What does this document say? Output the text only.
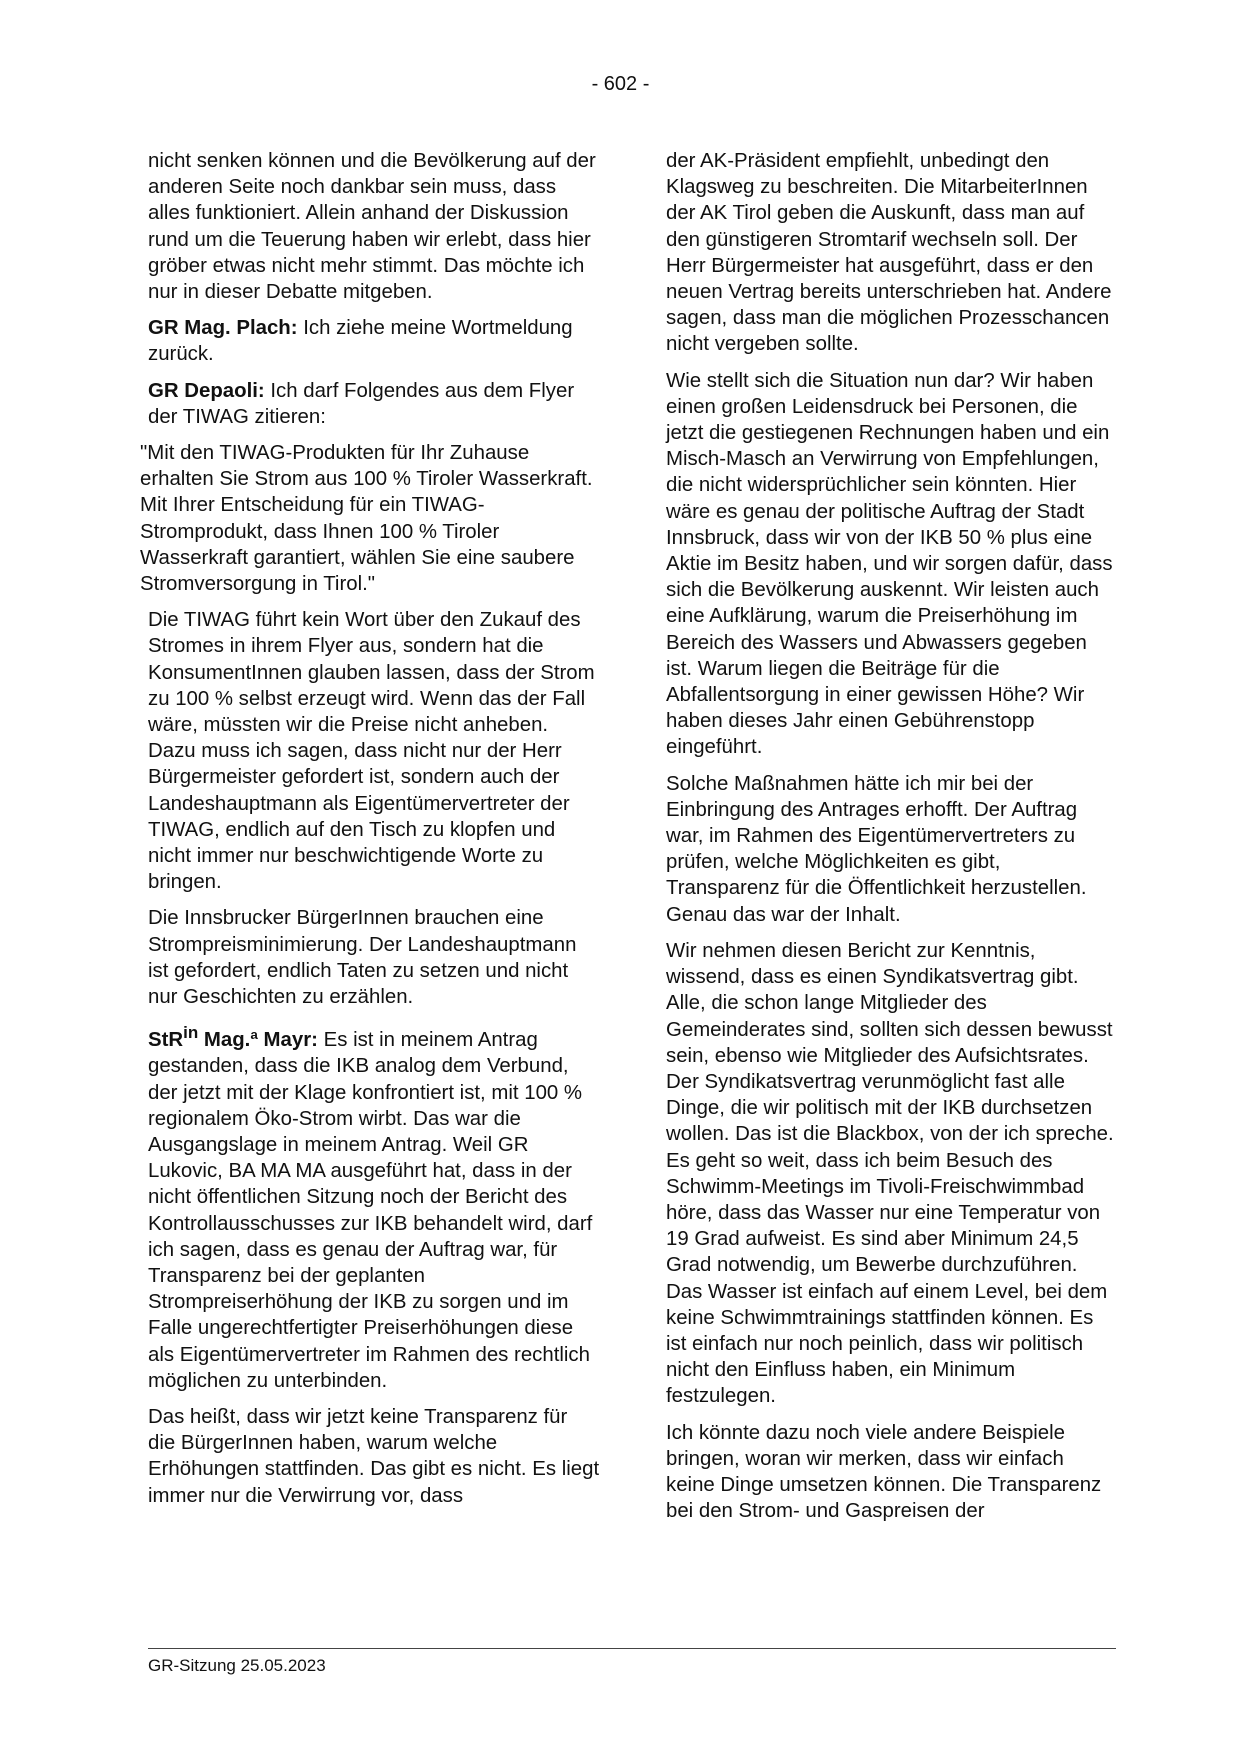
- 602 -

nicht senken können und die Bevölkerung auf der anderen Seite noch dankbar sein muss, dass alles funktioniert. Allein anhand der Diskussion rund um die Teuerung haben wir erlebt, dass hier gröber etwas nicht mehr stimmt. Das möchte ich nur in dieser Debatte mitgeben.

GR Mag. Plach: Ich ziehe meine Wortmeldung zurück.

GR Depaoli: Ich darf Folgendes aus dem Flyer der TIWAG zitieren:

"Mit den TIWAG-Produkten für Ihr Zuhause erhalten Sie Strom aus 100 % Tiroler Wasserkraft. Mit Ihrer Entscheidung für ein TIWAG-Stromprodukt, dass Ihnen 100 % Tiroler Wasserkraft garantiert, wählen Sie eine saubere Stromversorgung in Tirol."

Die TIWAG führt kein Wort über den Zukauf des Stromes in ihrem Flyer aus, sondern hat die KonsumentInnen glauben lassen, dass der Strom zu 100 % selbst erzeugt wird. Wenn das der Fall wäre, müssten wir die Preise nicht anheben. Dazu muss ich sagen, dass nicht nur der Herr Bürgermeister gefordert ist, sondern auch der Landeshauptmann als Eigentümervertreter der TIWAG, endlich auf den Tisch zu klopfen und nicht immer nur beschwichtigende Worte zu bringen.

Die Innsbrucker BürgerInnen brauchen eine Strompreisminimierung. Der Landeshauptmann ist gefordert, endlich Taten zu setzen und nicht nur Geschichten zu erzählen.

StR$^{in}$ Mag.ª Mayr: Es ist in meinem Antrag gestanden, dass die IKB analog dem Verbund, der jetzt mit der Klage konfrontiert ist, mit 100 % regionalem Öko-Strom wirbt. Das war die Ausgangslage in meinem Antrag. Weil GR Lukovic, BA MA MA ausgeführt hat, dass in der nicht öffentlichen Sitzung noch der Bericht des Kontrollausschusses zur IKB behandelt wird, darf ich sagen, dass es genau der Auftrag war, für Transparenz bei der geplanten Strompreiserhöhung der IKB zu sorgen und im Falle ungerechtfertigter Preiserhöhungen diese als Eigentümervertreter im Rahmen des rechtlich möglichen zu unterbinden.

Das heißt, dass wir jetzt keine Transparenz für die BürgerInnen haben, warum welche Erhöhungen stattfinden. Das gibt es nicht. Es liegt immer nur die Verwirrung vor, dass

der AK-Präsident empfiehlt, unbedingt den Klagsweg zu beschreiten. Die MitarbeiterInnen der AK Tirol geben die Auskunft, dass man auf den günstigeren Stromtarif wechseln soll. Der Herr Bürgermeister hat ausgeführt, dass er den neuen Vertrag bereits unterschrieben hat. Andere sagen, dass man die möglichen Prozesschancen nicht vergeben sollte.

Wie stellt sich die Situation nun dar? Wir haben einen großen Leidensdruck bei Personen, die jetzt die gestiegenen Rechnungen haben und ein Misch-Masch an Verwirrung von Empfehlungen, die nicht widersprüchlicher sein könnten. Hier wäre es genau der politische Auftrag der Stadt Innsbruck, dass wir von der IKB 50 % plus eine Aktie im Besitz haben, und wir sorgen dafür, dass sich die Bevölkerung auskennt. Wir leisten auch eine Aufklärung, warum die Preiserhöhung im Bereich des Wassers und Abwassers gegeben ist. Warum liegen die Beiträge für die Abfallentsorgung in einer gewissen Höhe? Wir haben dieses Jahr einen Gebührenstopp eingeführt.

Solche Maßnahmen hätte ich mir bei der Einbringung des Antrages erhofft. Der Auftrag war, im Rahmen des Eigentümervertreters zu prüfen, welche Möglichkeiten es gibt, Transparenz für die Öffentlichkeit herzustellen. Genau das war der Inhalt.

Wir nehmen diesen Bericht zur Kenntnis, wissend, dass es einen Syndikatsvertrag gibt. Alle, die schon lange Mitglieder des Gemeinderates sind, sollten sich dessen bewusst sein, ebenso wie Mitglieder des Aufsichtsrates. Der Syndikatsvertrag verunmöglicht fast alle Dinge, die wir politisch mit der IKB durchsetzen wollen. Das ist die Blackbox, von der ich spreche. Es geht so weit, dass ich beim Besuch des Schwimm-Meetings im Tivoli-Freischwimmbad höre, dass das Wasser nur eine Temperatur von 19 Grad aufweist. Es sind aber Minimum 24,5 Grad notwendig, um Bewerbe durchzuführen. Das Wasser ist einfach auf einem Level, bei dem keine Schwimmtrainings stattfinden können. Es ist einfach nur noch peinlich, dass wir politisch nicht den Einfluss haben, ein Minimum festzulegen.

Ich könnte dazu noch viele andere Beispiele bringen, woran wir merken, dass wir einfach keine Dinge umsetzen können. Die Transparenz bei den Strom- und Gaspreisen der

GR-Sitzung 25.05.2023
